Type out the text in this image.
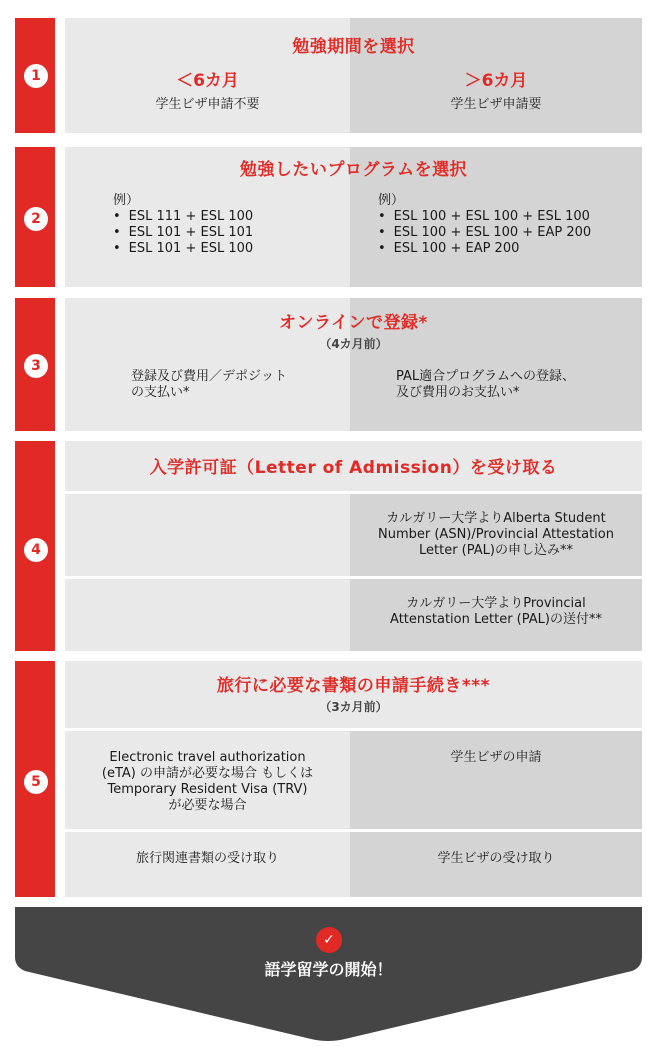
1
勉強期間を選択
＜6カ月
学生ビザ申請不要
＞6カ月
学生ビザ申請要
2
勉強したいプログラムを選択
例）
• ESL 111 + ESL 100
• ESL 101 + ESL 101
• ESL 101 + ESL 100
例）
• ESL 100 + ESL 100 + ESL 100
• ESL 100 + ESL 100 + EAP 200
• ESL 100 + EAP 200
3
オンラインで登録*
（4カ月前）
登録及び費用／デポジット
の支払い*
PAL適合プログラムへの登録、
及び費用のお支払い*
4
入学許可証（Letter of Admission）を受け取る
カルガリー大学よりAlberta Student
Number (ASN)/Provincial Attestation
Letter (PAL)の申し込み**
カルガリー大学よりProvincial
Attenstation Letter (PAL)の送付**
5
旅行に必要な書類の申請手続き***
（3カ月前）
Electronic travel authorization
(eTA) の申請が必要な場合 もしくは
Temporary Resident Visa (TRV)
が必要な場合
学生ビザの申請
旅行関連書類の受け取り	学生ビザの受け取り
✓
語学留学の開始！
